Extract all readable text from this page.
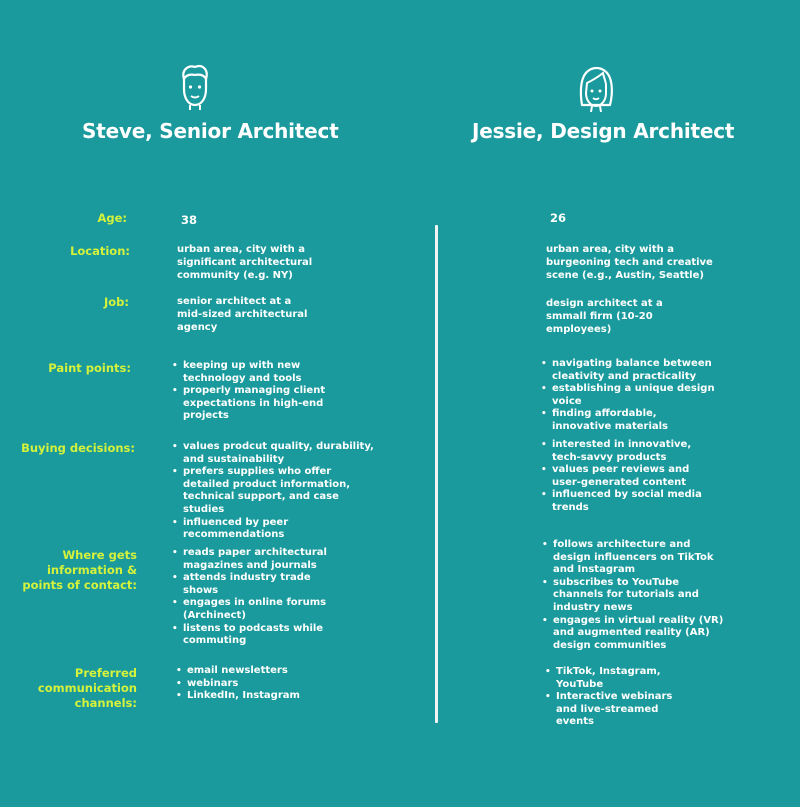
Steve, Senior Architect	Jessie, Design Architect
Age:
Location:
Job:
Paint points:
Buying decisions:
Where gets
information &
points of contact:
Preferred
communication
channels:
38
urban area, city with a
significant architectural
community (e.g. NY)
senior architect at a
mid-sized architectural
agency
• keeping up with new technology and tools
• properly managing client expectations in high-end projects
• values prodcut quality, durability, and sustainability
• prefers supplies who offer detailed product information, technical support, and case studies
• influenced by peer recommendations
• reads paper architectural magazines and journals
• attends industry trade shows
• engages in online forums (Archinect)
• listens to podcasts while commuting
• email newsletters
• webinars
• LinkedIn, Instagram
26
urban area, city with a
burgeoning tech and creative
scene (e.g., Austin, Seattle)
design architect at a
smmall firm (10-20
employees)
• navigating balance between cleativity and practicality
• establishing a unique design voice
• finding affordable, innovative materials
• interested in innovative, tech-savvy products
• values peer reviews and user-generated content
• influenced by social media trends
• follows architecture and design influencers on TikTok and Instagram
• subscribes to YouTube channels for tutorials and industry news
• engages in virtual reality (VR) and augmented reality (AR) design communities
• TikTok, Instagram, YouTube
• Interactive webinars and live-streamed events
